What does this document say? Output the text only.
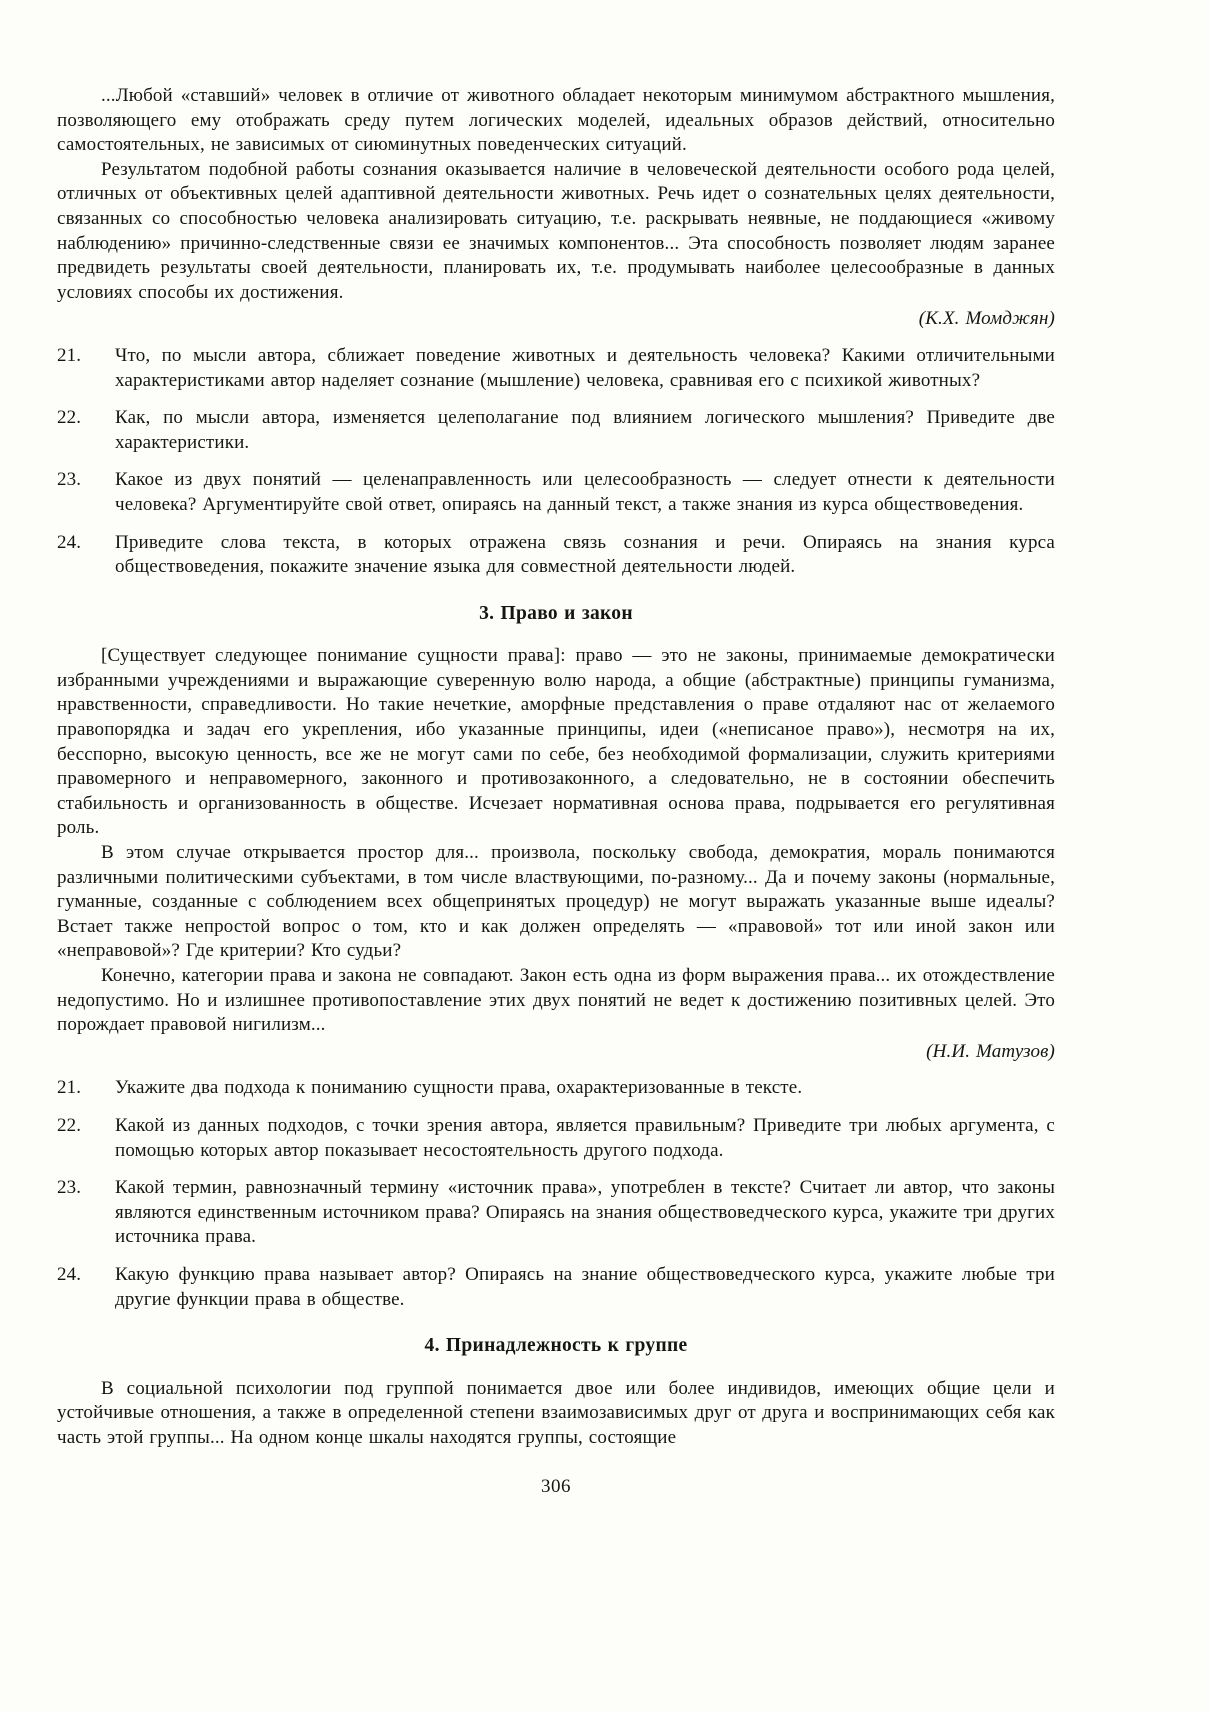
...Любой «ставший» человек в отличие от животного обладает некоторым минимумом абстрактного мышления, позволяющего ему отображать среду путем логических моделей, идеальных образов действий, относительно самостоятельных, не зависимых от сиюминутных поведенческих ситуаций.

Результатом подобной работы сознания оказывается наличие в человеческой деятельности особого рода целей, отличных от объективных целей адаптивной деятельности животных. Речь идет о сознательных целях деятельности, связанных со способностью человека анализировать ситуацию, т.е. раскрывать неявные, не поддающиеся «живому наблюдению» причинно-следственные связи ее значимых компонентов... Эта способность позволяет людям заранее предвидеть результаты своей деятельности, планировать их, т.е. продумывать наиболее целесообразные в данных условиях способы их достижения.

(К.Х. Момджян)

21. Что, по мысли автора, сближает поведение животных и деятельность человека? Какими отличительными характеристиками автор наделяет сознание (мышление) человека, сравнивая его с психикой животных?
22. Как, по мысли автора, изменяется целеполагание под влиянием логического мышления? Приведите две характеристики.
23. Какое из двух понятий — целенаправленность или целесообразность — следует отнести к деятельности человека? Аргументируйте свой ответ, опираясь на данный текст, а также знания из курса обществоведения.
24. Приведите слова текста, в которых отражена связь сознания и речи. Опираясь на знания курса обществоведения, покажите значение языка для совместной деятельности людей.
3. Право и закон

[Существует следующее понимание сущности права]: право — это не законы, принимаемые демократически избранными учреждениями и выражающие суверенную волю народа, а общие (абстрактные) принципы гуманизма, нравственности, справедливости. Но такие нечеткие, аморфные представления о праве отдаляют нас от желаемого правопорядка и задач его укрепления, ибо указанные принципы, идеи («неписаное право»), несмотря на их, бесспорно, высокую ценность, все же не могут сами по себе, без необходимой формализации, служить критериями правомерного и неправомерного, законного и противозаконного, а следовательно, не в состоянии обеспечить стабильность и организованность в обществе. Исчезает нормативная основа права, подрывается его регулятивная роль.

В этом случае открывается простор для... произвола, поскольку свобода, демократия, мораль понимаются различными политическими субъектами, в том числе властвующими, по-разному... Да и почему законы (нормальные, гуманные, созданные с соблюдением всех общепринятых процедур) не могут выражать указанные выше идеалы? Встает также непростой вопрос о том, кто и как должен определять — «правовой» тот или иной закон или «неправовой»? Где критерии? Кто судьи?

Конечно, категории права и закона не совпадают. Закон есть одна из форм выражения права... их отождествление недопустимо. Но и излишнее противопоставление этих двух понятий не ведет к достижению позитивных целей. Это порождает правовой нигилизм...

(Н.И. Матузов)

21. Укажите два подхода к пониманию сущности права, охарактеризованные в тексте.
22. Какой из данных подходов, с точки зрения автора, является правильным? Приведите три любых аргумента, с помощью которых автор показывает несостоятельность другого подхода.
23. Какой термин, равнозначный термину «источник права», употреблен в тексте? Считает ли автор, что законы являются единственным источником права? Опираясь на знания обществоведческого курса, укажите три других источника права.
24. Какую функцию права называет автор? Опираясь на знание обществоведческого курса, укажите любые три другие функции права в обществе.
4. Принадлежность к группе

В социальной психологии под группой понимается двое или более индивидов, имеющих общие цели и устойчивые отношения, а также в определенной степени взаимозависимых друг от друга и воспринимающих себя как часть этой группы... На одном конце шкалы находятся группы, состоящие

306
